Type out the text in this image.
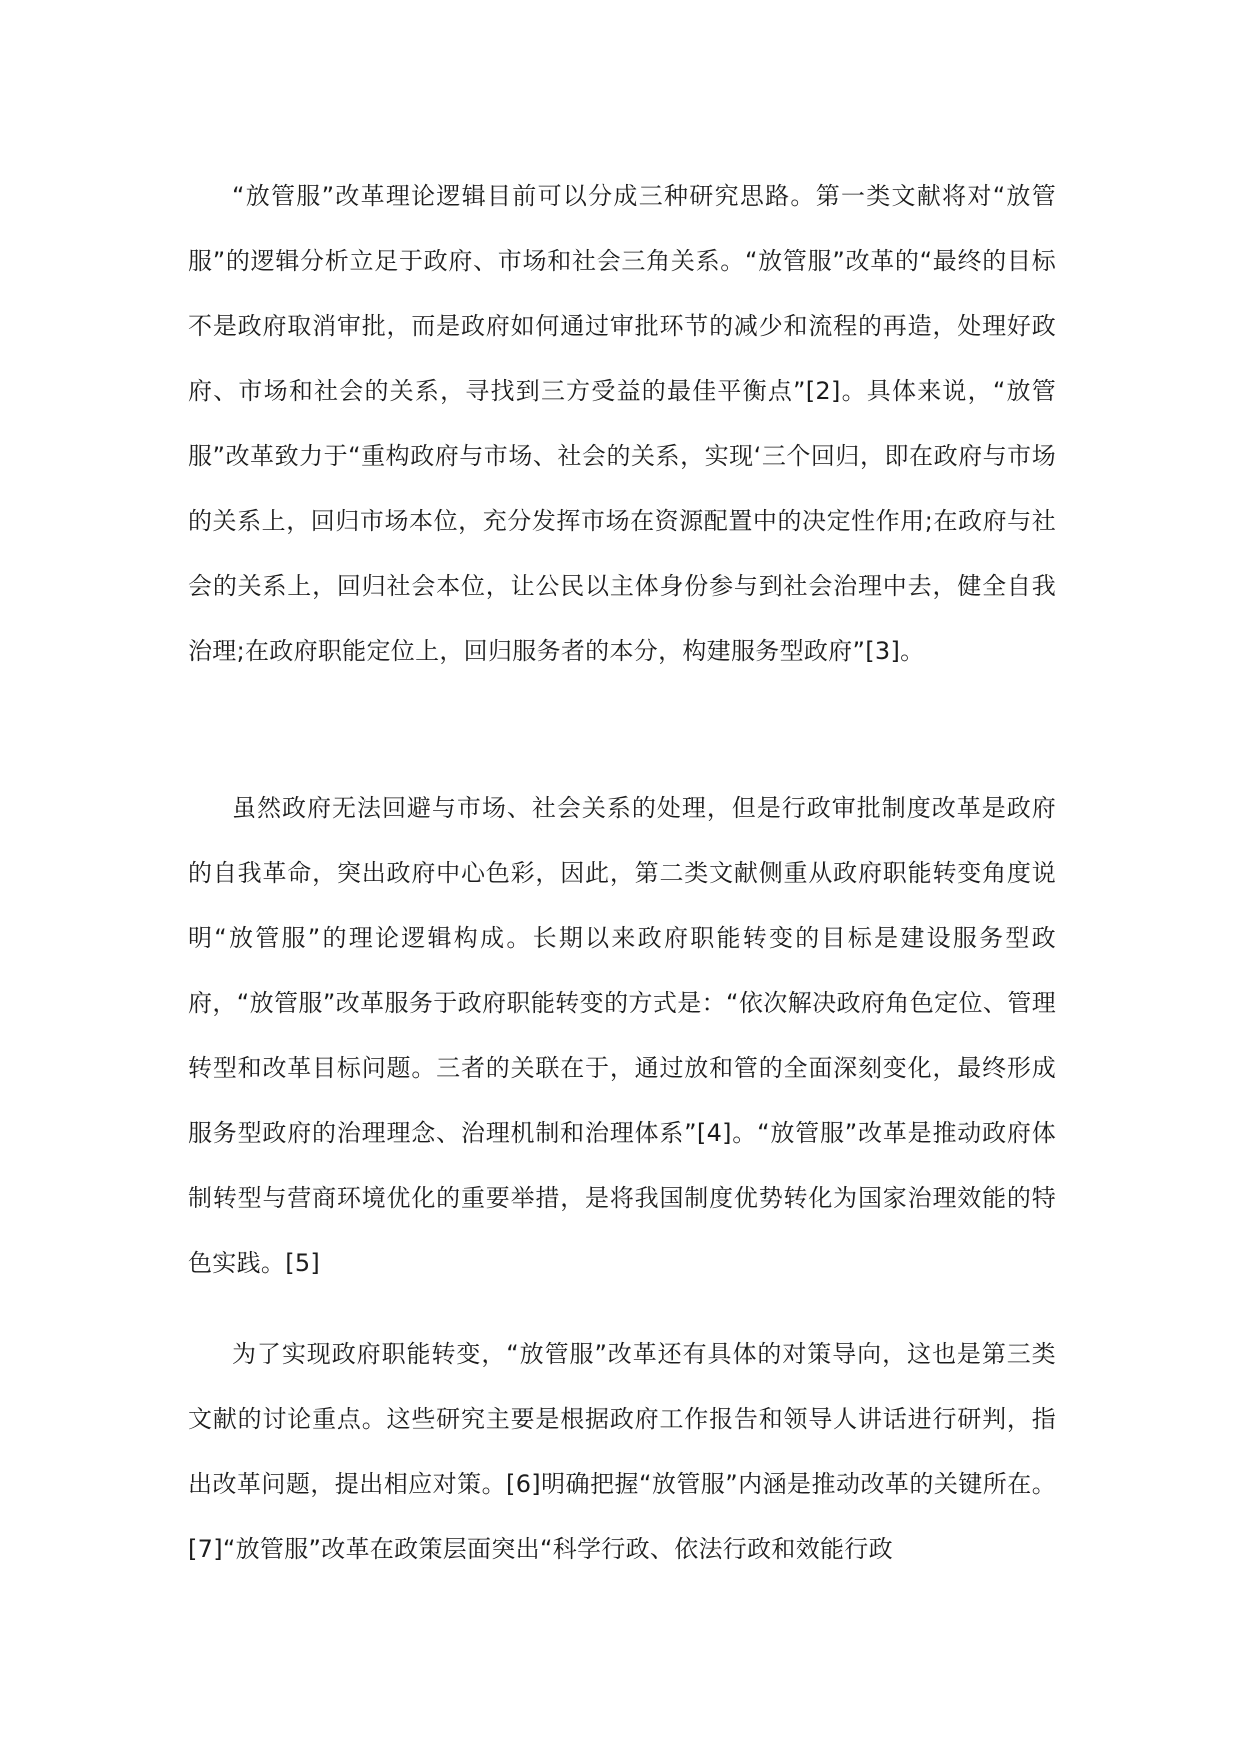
“放管服”改革理论逻辑目前可以分成三种研究思路。第一类文献将对“放管服”的逻辑分析立足于政府、市场和社会三角关系。“放管服”改革的“最终的目标不是政府取消审批，而是政府如何通过审批环节的减少和流程的再造，处理好政府、市场和社会的关系，寻找到三方受益的最佳平衡点”[2]。具体来说，“放管服”改革致力于“重构政府与市场、社会的关系，实现‘三个回归，即在政府与市场的关系上，回归市场本位，充分发挥市场在资源配置中的决定性作用;在政府与社会的关系上，回归社会本位，让公民以主体身份参与到社会治理中去，健全自我治理;在政府职能定位上，回归服务者的本分，构建服务型政府”[3]。

虽然政府无法回避与市场、社会关系的处理，但是行政审批制度改革是政府的自我革命，突出政府中心色彩，因此，第二类文献侧重从政府职能转变角度说明“放管服”的理论逻辑构成。长期以来政府职能转变的目标是建设服务型政府，“放管服”改革服务于政府职能转变的方式是：“依次解决政府角色定位、管理转型和改革目标问题。三者的关联在于，通过放和管的全面深刻变化，最终形成服务型政府的治理理念、治理机制和治理体系”[4]。“放管服”改革是推动政府体制转型与营商环境优化的重要举措，是将我国制度优势转化为国家治理效能的特色实践。[5]

为了实现政府职能转变，“放管服”改革还有具体的对策导向，这也是第三类文献的讨论重点。这些研究主要是根据政府工作报告和领导人讲话进行研判，指出改革问题，提出相应对策。[6]明确把握“放管服”内涵是推动改革的关键所在。[7]“放管服”改革在政策层面突出“科学行政、依法行政和效能行政
